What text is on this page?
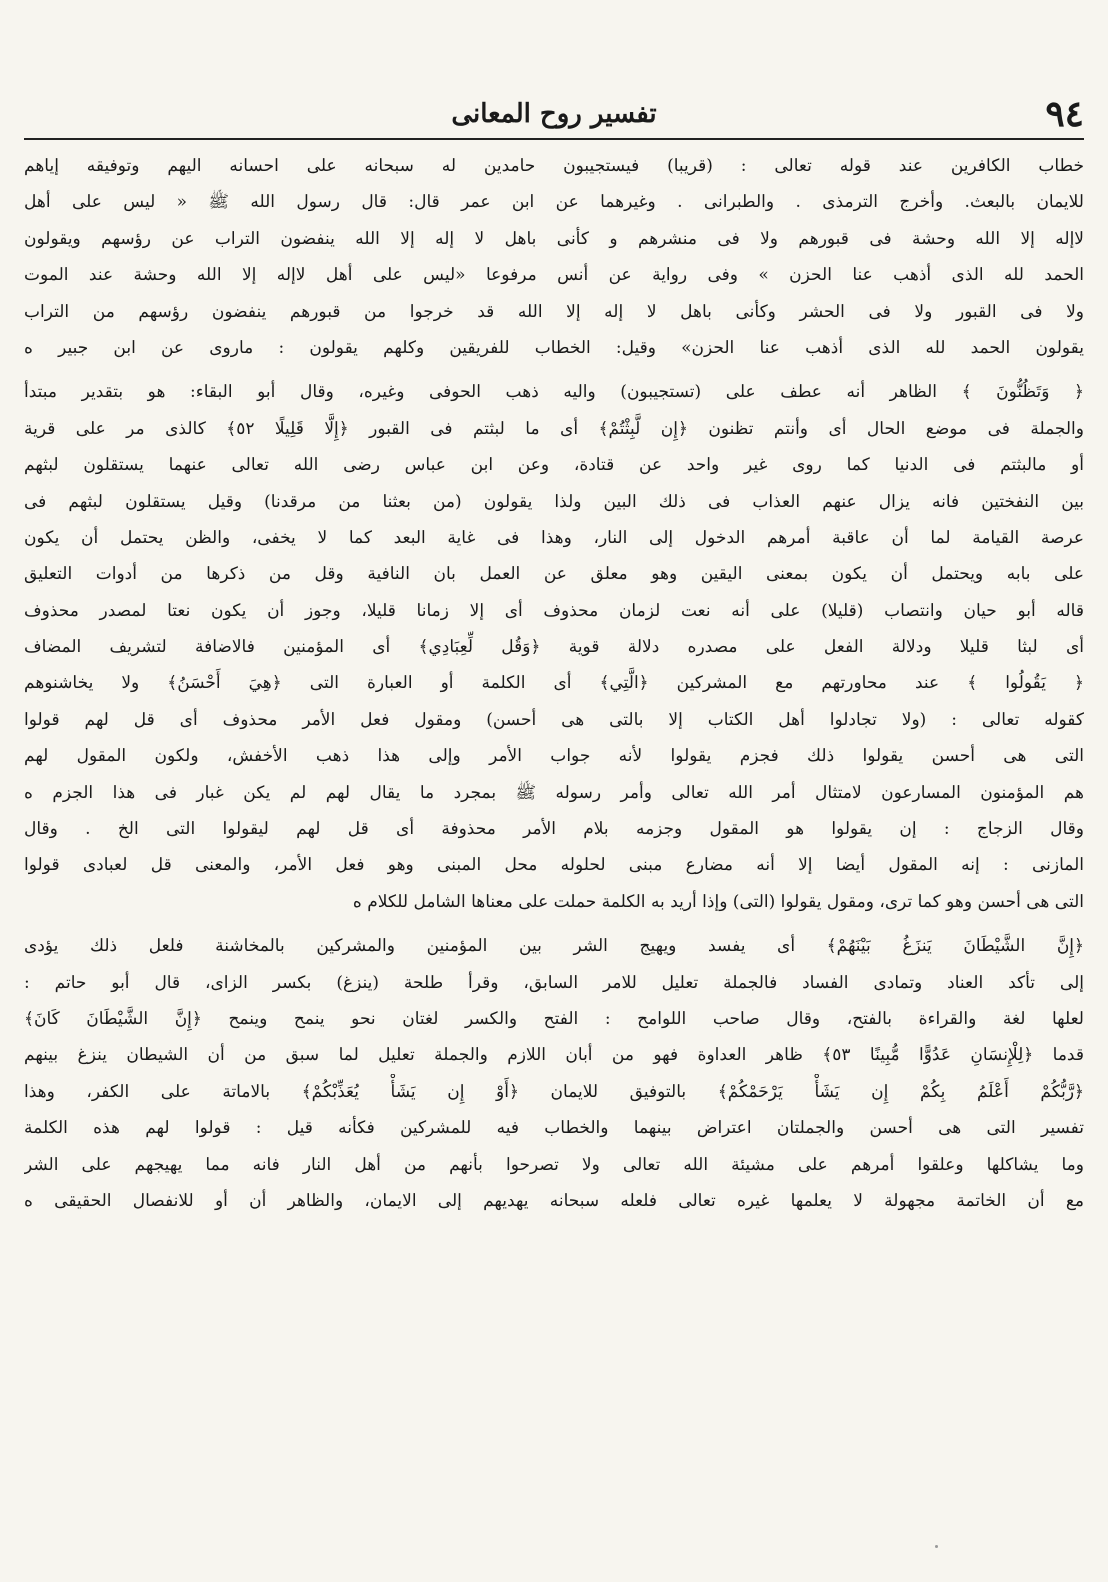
٩٤
تفسير روح المعانى
خطاب الكافرين عند قوله تعالى : (قريبا) فيستجيبون حامدين له سبحانه على احسانه اليهم وتوفيقه إياهم
للايمان بالبعث. وأخرج الترمذى . والطبرانى . وغيرهما عن ابن عمر قال: قال رسول الله ﷺ « ليس على أهل
لاإله إلا الله وحشة فى قبورهم ولا فى منشرهم و كأنى باهل لا إله إلا الله ينفضون التراب عن رؤسهم ويقولون
الحمد لله الذى أذهب عنا الحزن » وفى رواية عن أنس مرفوعا «ليس على أهل لاإله إلا الله وحشة عند الموت
ولا فى القبور ولا فى الحشر وكأنى باهل لا إله إلا الله قد خرجوا من قبورهم ينفضون رؤسهم من التراب
يقولون الحمد لله الذى أذهب عنا الحزن» وقيل: الخطاب للفريقين وكلهم يقولون : ماروى عن ابن جبير ه
﴿ وَتَظُنُّونَ ﴾ الظاهر أنه عطف على (تستجيبون) واليه ذهب الحوفى وغيره، وقال أبو البقاء: هو بتقدير مبتدأ
والجملة فى موضع الحال أى وأنتم تظنون ﴿إِن لَّبِثْتُمْ﴾ أى ما لبثتم فى القبور ﴿إِلَّا قَلِيلًا ٥٢﴾ كالذى مر على قرية
أو مالبثتم فى الدنيا كما روى غير واحد عن قتادة، وعن ابن عباس رضى الله تعالى عنهما يستقلون لبثهم
بين النفختين فانه يزال عنهم العذاب فى ذلك البين ولذا يقولون (من بعثنا من مرقدنا) وقيل يستقلون لبثهم فى
عرصة القيامة لما أن عاقبة أمرهم الدخول إلى النار، وهذا فى غاية البعد كما لا يخفى، والظن يحتمل أن يكون
على بابه ويحتمل أن يكون بمعنى اليقين وهو معلق عن العمل بان النافية وقل من ذكرها من أدوات التعليق
قاله أبو حيان وانتصاب (قليلا) على أنه نعت لزمان محذوف أى إلا زمانا قليلا، وجوز أن يكون نعتا لمصدر محذوف
أى لبثا قليلا ودلالة الفعل على مصدره دلالة قوية ﴿وَقُل لِّعِبَادِي﴾ أى المؤمنين فالاضافة لتشريف المضاف
﴿ يَقُولُوا ﴾ عند محاورتهم مع المشركين ﴿الَّتِي﴾ أى الكلمة أو العبارة التى ﴿هِيَ أَحْسَنُ﴾ ولا يخاشنوهم
كقوله تعالى : (ولا تجادلوا أهل الكتاب إلا بالتى هى أحسن) ومقول فعل الأمر محذوف أى قل لهم قولوا
التى هى أحسن يقولوا ذلك فجزم يقولوا لأنه جواب الأمر وإلى هذا ذهب الأخفش، ولكون المقول لهم
هم المؤمنون المسارعون لامتثال أمر الله تعالى وأمر رسوله ﷺ بمجرد ما يقال لهم لم يكن غبار فى هذا الجزم ه
وقال الزجاج : إن يقولوا هو المقول وجزمه بلام الأمر محذوفة أى قل لهم ليقولوا التى الخ . وقال
المازنى : إنه المقول أيضا إلا أنه مضارع مبنى لحلوله محل المبنى وهو فعل الأمر، والمعنى قل لعبادى قولوا
التى هى أحسن وهو كما ترى، ومقول يقولوا (التى) وإذا أريد به الكلمة حملت على معناها الشامل للكلام ه
﴿إِنَّ الشَّيْطَانَ يَنزَغُ بَيْنَهُمْ﴾ أى يفسد ويهيج الشر بين المؤمنين والمشركين بالمخاشنة فلعل ذلك يؤدى
إلى تأكد العناد وتمادى الفساد فالجملة تعليل للامر السابق، وقرأ طلحة (ينزغ) بكسر الزاى، قال أبو حاتم :
لعلها لغة والقراءة بالفتح، وقال صاحب اللوامح : الفتح والكسر لغتان نحو ينمح وينمح ﴿إِنَّ الشَّيْطَانَ كَانَ﴾
قدما ﴿لِلْإِنسَانِ عَدُوًّا مُّبِينًا ٥٣﴾ ظاهر العداوة فهو من أبان اللازم والجملة تعليل لما سبق من أن الشيطان ينزغ بينهم
﴿رَّبُّكُمْ أَعْلَمُ بِكُمْ إِن يَشَأْ يَرْحَمْكُمْ﴾ بالتوفيق للايمان ﴿أَوْ إِن يَشَأْ يُعَذِّبْكُمْ﴾ بالاماتة على الكفر، وهذا
تفسير التى هى أحسن والجملتان اعتراض بينهما والخطاب فيه للمشركين فكأنه قيل : قولوا لهم هذه الكلمة
وما يشاكلها وعلقوا أمرهم على مشيئة الله تعالى ولا تصرحوا بأنهم من أهل النار فانه مما يهيجهم على الشر
مع أن الخاتمة مجهولة لا يعلمها غيره تعالى فلعله سبحانه يهديهم إلى الايمان، والظاهر أن أو للانفصال الحقيقى ه
